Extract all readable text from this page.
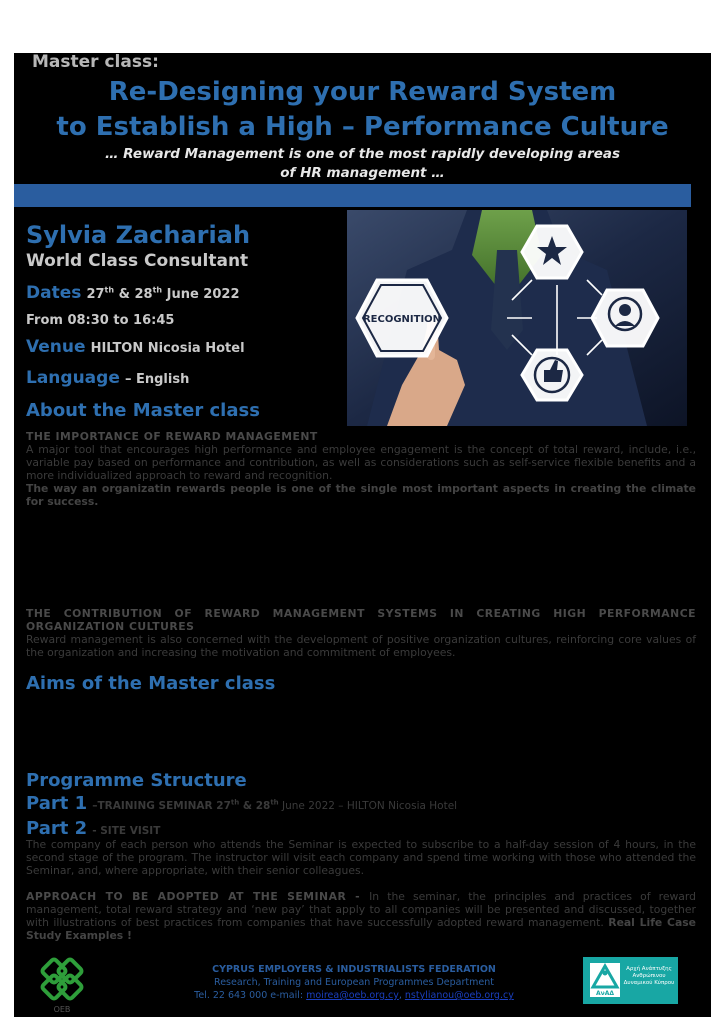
Master class:
Re-Designing your Reward System
to Establish a High – Performance Culture
… Reward Management is one of the most rapidly developing areas
of HR management …
Sylvia Zachariah
World Class Consultant
Dates 27th & 28th June 2022
From 08:30 to 16:45
Venue HILTON Nicosia Hotel
Language – English
RECOGNITION
About the Master class
THE IMPORTANCE OF REWARD MANAGEMENT
A major tool that encourages high performance and employee engagement is the concept of total reward, include, i.e., variable pay based on performance and contribution, as well as considerations such as self-service flexible benefits and a more individualized approach to reward and recognition.
The way an organizatin rewards people is one of the single most important aspects in creating the climate for success.
THE CONTRIBUTION OF REWARD MANAGEMENT SYSTEMS IN CREATING HIGH PERFORMANCE ORGANIZATION CULTURES
Reward management is also concerned with the development of positive organization cultures, reinforcing core values of the organization and increasing the motivation and commitment of employees.
Aims of the Master class
Programme Structure
Part 1 –TRAINING SEMINAR 27th & 28th June 2022 – HILTON Nicosia Hotel
Part 2 - SITE VISIT
The company of each person who attends the Seminar is expected to subscribe to a half-day session of 4 hours, in the second stage of the program. The instructor will visit each company and spend time working with those who attended the Seminar, and, where appropriate, with their senior colleagues.
APPROACH TO BE ADOPTED AT THE SEMINAR - In the seminar, the principles and practices of reward management, total reward strategy and ‘new pay’ that apply to all companies will be presented and discussed, together with illustrations of best practices from companies that have successfully adopted reward management. Real Life Case Study Examples !
ΟΕΒ
CYPRUS EMPLOYERS & INDUSTRIALISTS FEDERATION
Research, Training and European Programmes Department
Tel. 22 643 000 e-mail: moirea@oeb.org.cy, nstylianou@oeb.org.cy	ΑνΑΔ
Αρχή Ανάπτυξης Ανθρώπινου Δυναμικού Κύπρου
